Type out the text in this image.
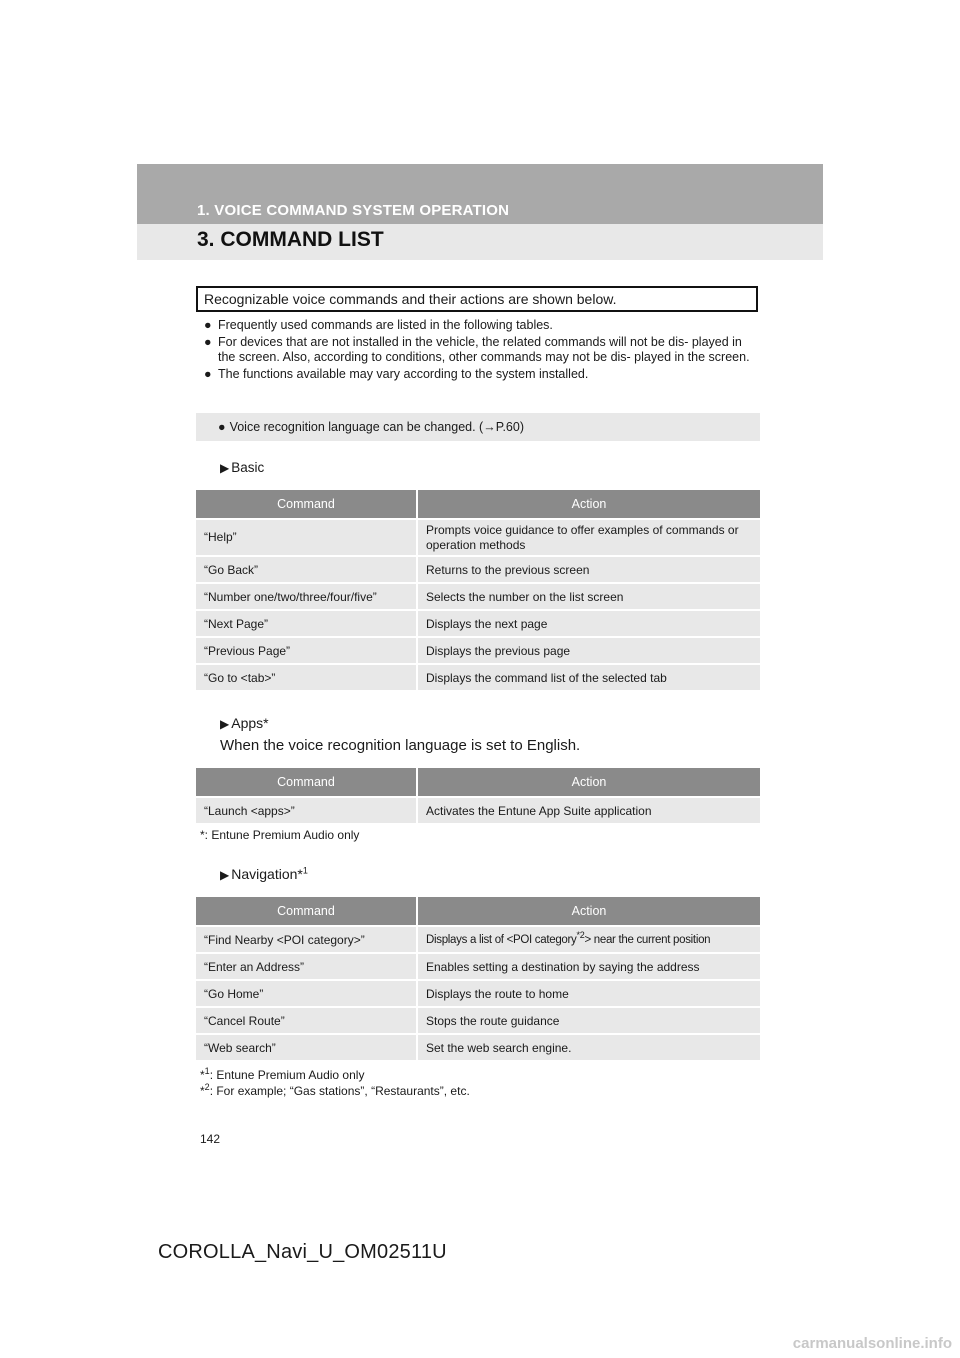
1. VOICE COMMAND SYSTEM OPERATION
3. COMMAND LIST
Recognizable voice commands and their actions are shown below.
● Frequently used commands are listed in the following tables.
● For devices that are not installed in the vehicle, the related commands will not be dis- played in the screen. Also, according to conditions, other commands may not be dis- played in the screen.
● The functions available may vary according to the system installed.
● Voice recognition language can be changed. (→P.60)
▶ Basic
Command	Action
“Help”	Prompts voice guidance to offer examples of commands or operation methods
“Go Back”	Returns to the previous screen
“Number one/two/three/four/five”	Selects the number on the list screen
“Next Page”	Displays the next page
“Previous Page”	Displays the previous page
“Go to <tab>”	Displays the command list of the selected tab
▶ Apps*
When the voice recognition language is set to English.
Command	Action
“Launch <apps>”	Activates the Entune App Suite application
*: Entune Premium Audio only
▶ Navigation*$^1$
Command	Action
“Find Nearby <POI category>”	Displays a list of <POI category$^{*2}$> near the current position
“Enter an Address”	Enables setting a destination by saying the address
“Go Home”	Displays the route to home
“Cancel Route”	Stops the route guidance
“Web search”	Set the web search engine.
*$^1$: Entune Premium Audio only
*$^2$: For example; “Gas stations”, “Restaurants”, etc.
142
COROLLA_Navi_U_OM02511U
carmanualsonline.info
